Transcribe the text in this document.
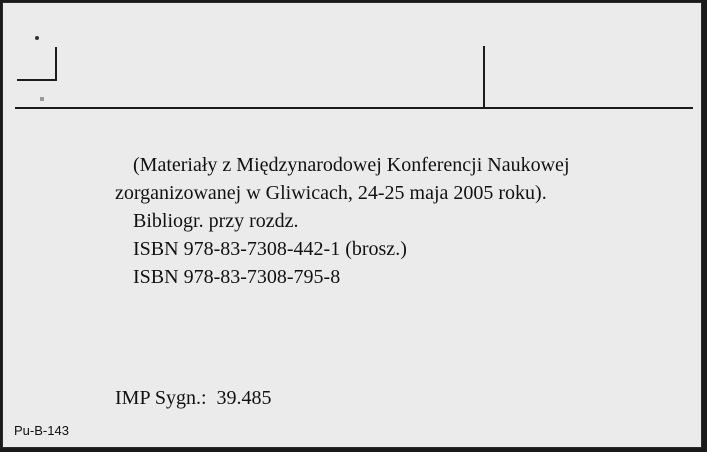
(Materiały z Międzynarodowej Konferencji Naukowej zorganizowanej w Gliwicach, 24-25 maja 2005 roku).

Bibliogr. przy rozdz.

ISBN 978-83-7308-442-1 (brosz.)

ISBN 978-83-7308-795-8

IMP Sygn.:  39.485
Pu-B-143
